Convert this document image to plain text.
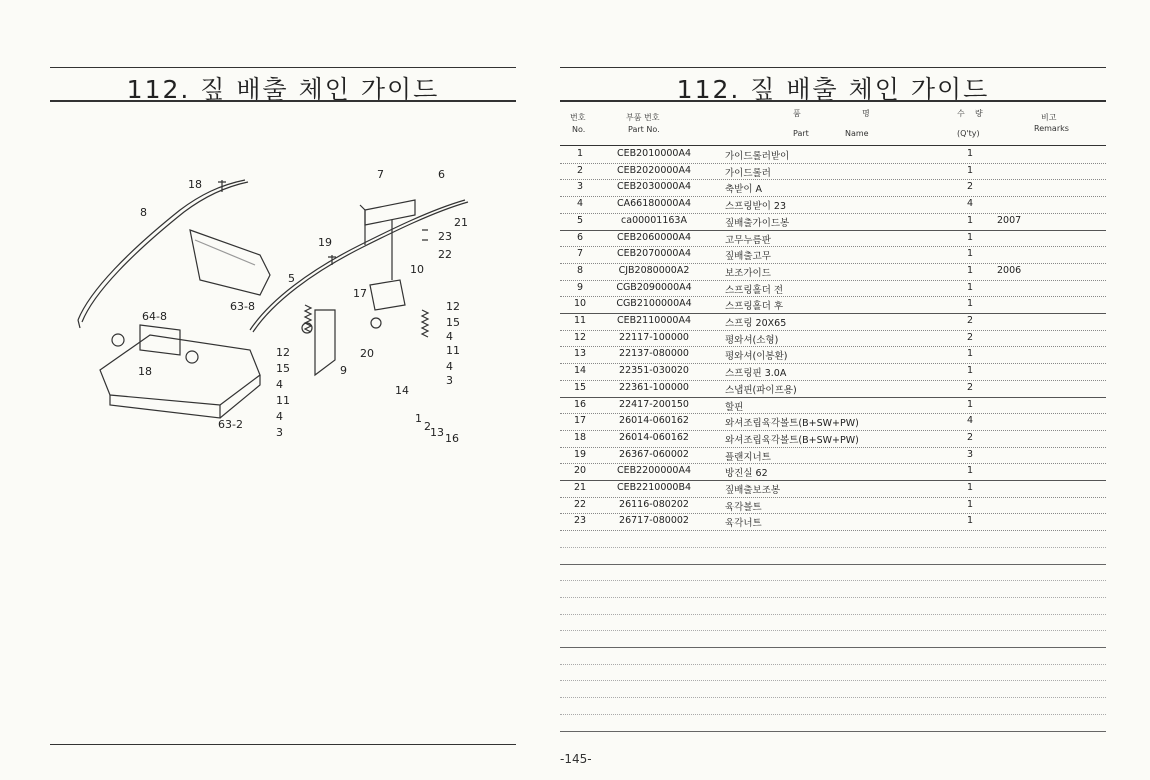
112. 짚 배출 체인 가이드
18
8
64-8
63-8
19
7	6
21
23
22
10
5
17
12
15
4
11
4
3
18
63-2
12
15
4
11
4
3
20
9
14
1
2 13 16
112. 짚 배출 체인 가이드
번호
No.
부품 번호
Part No.
품	명
Part	Name
수 량
(Q'ty)
비고
Remarks
1	CEB2010000A4	가이드롤러받이	1
2	CEB2020000A4	가이드롤러	1
3	CEB2030000A4	축받이 A	2
4	CA66180000A4	스프링받이 23	4
5	ca00001163A	짚배출가이드봉	1	2007
6	CEB2060000A4	고무누름판	1
7	CEB2070000A4	짚배출고무	1
8	CJB2080000A2	보조가이드	1	2006
9	CGB2090000A4	스프링홀더 전	1
10	CGB2100000A4	스프링홀더 후	1
11	CEB2110000A4	스프링 20X65	2
12	22117-100000	평와셔(소형)	2
13	22137-080000	평와셔(이봉환)	1
14	22351-030020	스프링핀 3.0A	1
15	22361-100000	스냅핀(파이프용)	2
16	22417-200150	할핀	1
17	26014-060162	와셔조립육각볼트(B+SW+PW)	4
18	26014-060162	와셔조립육각볼트(B+SW+PW)	2
19	26367-060002	플랜지너트	3
20	CEB2200000A4	방진실 62	1
21	CEB2210000B4	짚배출보조봉	1
22	26116-080202	육각볼트	1
23	26717-080002	육각너트	1
-145-
